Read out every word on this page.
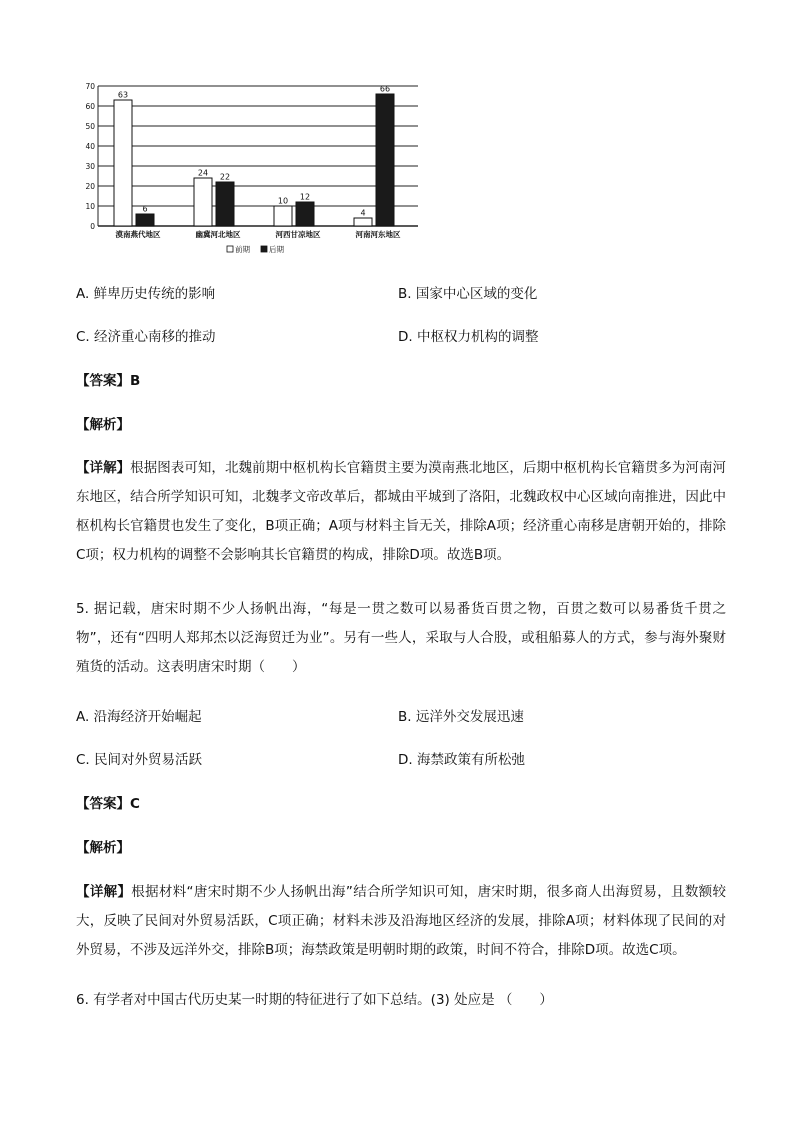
0
10
20
30
40
50
60
70
63
6
漠南燕代地区
24 22
幽冀河北地区
10 12
河西甘凉地区
4
66
河南河东地区
前期	后期
A. 鲜卑历史传统的影响	B. 国家中心区域的变化
C. 经济重心南移的推动	D. 中枢权力机构的调整
【答案】B
【解析】
【详解】根据图表可知，北魏前期中枢机构长官籍贯主要为漠南燕北地区，后期中枢机构长官籍贯多为河南河东地区，结合所学知识可知，北魏孝文帝改革后，都城由平城到了洛阳，北魏政权中心区域向南推进，因此中枢机构长官籍贯也发生了变化，B项正确；A项与材料主旨无关，排除A项；经济重心南移是唐朝开始的，排除C项；权力机构的调整不会影响其长官籍贯的构成，排除D项。故选B项。
5. 据记载，唐宋时期不少人扬帆出海，“每是一贯之数可以易番货百贯之物，百贯之数可以易番货千贯之物”，还有“四明人郑邦杰以泛海贸迁为业”。另有一些人，采取与人合股，或租船募人的方式，参与海外聚财殖货的活动。这表明唐宋时期（　　）
A. 沿海经济开始崛起	B. 远洋外交发展迅速
C. 民间对外贸易活跃	D. 海禁政策有所松弛
【答案】C
【解析】
【详解】根据材料“唐宋时期不少人扬帆出海”结合所学知识可知，唐宋时期，很多商人出海贸易，且数额较大，反映了民间对外贸易活跃，C项正确；材料未涉及沿海地区经济的发展，排除A项；材料体现了民间的对外贸易，不涉及远洋外交，排除B项；海禁政策是明朝时期的政策，时间不符合，排除D项。故选C项。
6. 有学者对中国古代历史某一时期的特征进行了如下总结。(3) 处应是 （　　）
